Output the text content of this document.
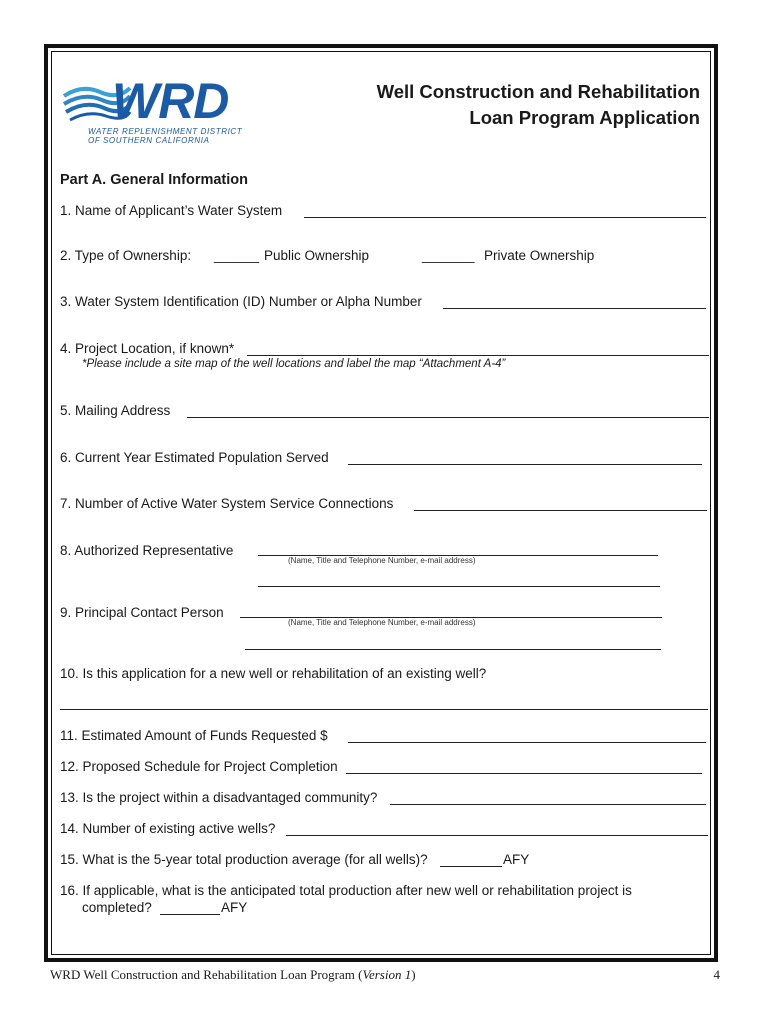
WRD
WATER REPLENISHMENT DISTRICT
OF SOUTHERN CALIFORNIA
Well Construction and Rehabilitation
Loan Program Application
Part A. General Information
1. Name of Applicant’s Water System
2. Type of Ownership: ______ Public Ownership	_______ Private Ownership
3. Water System Identification (ID) Number or Alpha Number
4. Project Location, if known*
*Please include a site map of the well locations and label the map “Attachment A-4”
5. Mailing Address
6. Current Year Estimated Population Served
7. Number of Active Water System Service Connections
8. Authorized Representative
(Name, Title and Telephone Number, e-mail address)
9. Principal Contact Person
(Name, Title and Telephone Number, e-mail address)
10. Is this application for a new well or rehabilitation of an existing well?
11. Estimated Amount of Funds Requested $
12. Proposed Schedule for Project Completion
13. Is the project within a disadvantaged community?
14. Number of existing active wells?
15. What is the 5-year total production average (for all wells)?	AFY
16. If applicable, what is the anticipated total production after new well or rehabilitation project is
completed?	AFY
WRD Well Construction and Rehabilitation Loan Program (Version 1)	4
